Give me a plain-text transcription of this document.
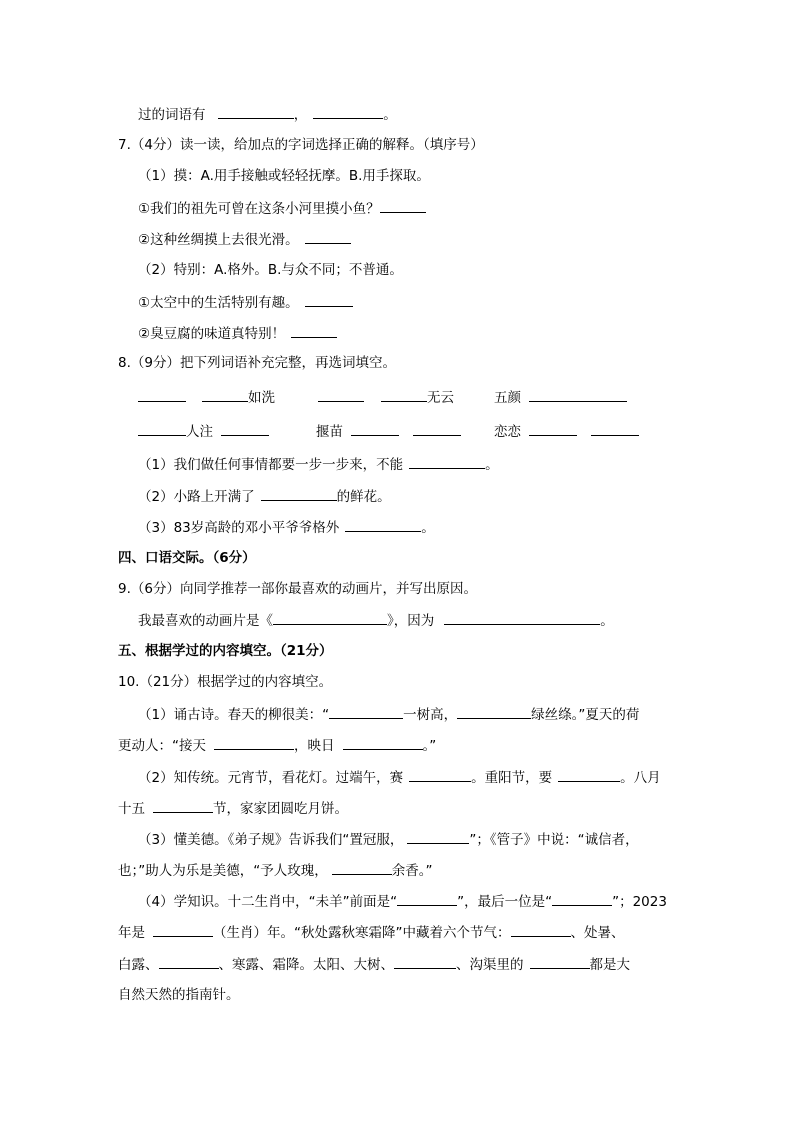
过的词语有	，	。
7.（4分）读一读，给加点的字词选择正确的解释。（填序号）
（1）摸：A.用手接触或轻轻抚摩。B.用手探取。
①我们的祖先可曾在这条小河里摸小鱼？
②这种丝绸摸上去很光滑。
（2）特别：A.格外。B.与众不同；不普通。
①太空中的生活特别有趣。
②臭豆腐的味道真特别！
8.（9分）把下列词语补充完整，再选词填空。
如洗	无云	五颜
人注	揠苗	恋恋
（1）我们做任何事情都要一步一步来，不能	。
（2）小路上开满了	的鲜花。
（3）83岁高龄的邓小平爷爷格外	。
四、口语交际。（6分）
9.（6分）向同学推荐一部你最喜欢的动画片，并写出原因。
我最喜欢的动画片是《	》，因为	。
五、根据学过的内容填空。（21分）
10.（21分）根据学过的内容填空。
（1）诵古诗。春天的柳很美：“	一树高，	绿丝绦。”夏天的荷
更动人：“接天	，映日	。”
（2）知传统。元宵节，看花灯。过端午，赛	。重阳节，要	。八月
十五	节，家家团圆吃月饼。
（3）懂美德。《弟子规》告诉我们“置冠服，	”；《管子》中说：“诚信者，
也；”助人为乐是美德，“予人玫瑰，	余香。”
（4）学知识。十二生肖中，“未羊”前面是“	”，最后一位是“	”；2023
年是	（生肖）年。“秋处露秋寒霜降”中藏着六个节气：	、处暑、
白露、	、寒露、霜降。太阳、大树、	、沟渠里的	都是大
自然天然的指南针。
